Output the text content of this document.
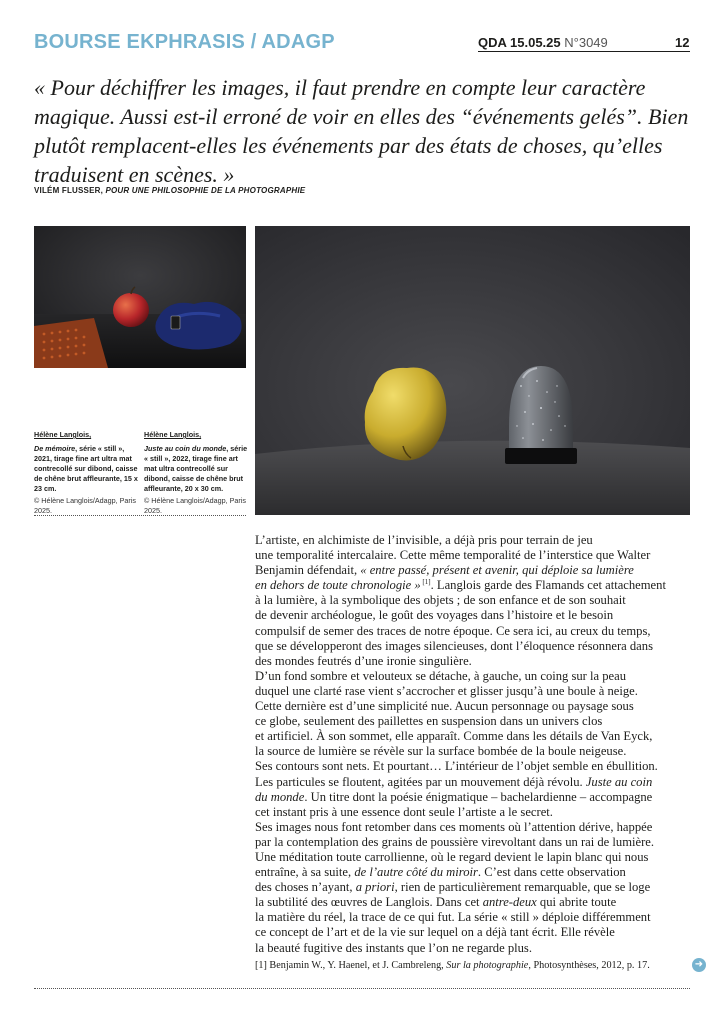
BOURSE EKPHRASIS / ADAGP	QDA 15.05.25 N°3049	12
« Pour déchiffrer les images, il faut prendre en compte leur caractère magique. Aussi est-il erroné de voir en elles des “événements gelés”. Bien plutôt remplacent-elles les événements par des états de choses, qu’elles traduisent en scènes. »
VILÉM FLUSSER, POUR UNE PHILOSOPHIE DE LA PHOTOGRAPHIE
Hélène Langlois,
De mémoire, série « still », 2021, tirage fine art ultra mat contrecollé sur dibond, caisse de chêne brut affleurante, 15 x 23 cm.
© Hélène Langlois/Adagp, Paris 2025.
Hélène Langlois,
Juste au coin du monde, série « still », 2022, tirage fine art mat ultra contrecollé sur dibond, caisse de chêne brut affleurante, 20 x 30 cm.
© Hélène Langlois/Adagp, Paris 2025.
L’artiste, en alchimiste de l’invisible, a déjà pris pour terrain de jeu
une temporalité intercalaire. Cette même temporalité de l’interstice que Walter
Benjamin défendait, « entre passé, présent et avenir, qui déploie sa lumière
en dehors de toute chronologie » [1]. Langlois garde des Flamands cet attachement
à la lumière, à la symbolique des objets ; de son enfance et de son souhait
de devenir archéologue, le goût des voyages dans l’histoire et le besoin
compulsif de semer des traces de notre époque. Ce sera ici, au creux du temps,
que se développeront des images silencieuses, dont l’éloquence résonnera dans
des mondes feutrés d’une ironie singulière.
D’un fond sombre et velouteux se détache, à gauche, un coing sur la peau
duquel une clarté rase vient s’accrocher et glisser jusqu’à une boule à neige.
Cette dernière est d’une simplicité nue. Aucun personnage ou paysage sous
ce globe, seulement des paillettes en suspension dans un univers clos
et artificiel. À son sommet, elle apparaît. Comme dans les détails de Van Eyck,
la source de lumière se révèle sur la surface bombée de la boule neigeuse.
Ses contours sont nets. Et pourtant… L’intérieur de l’objet semble en ébullition.
Les particules se floutent, agitées par un mouvement déjà révolu. Juste au coin
du monde. Un titre dont la poésie énigmatique – bachelardienne – accompagne
cet instant pris à une essence dont seule l’artiste a le secret.
Ses images nous font retomber dans ces moments où l’attention dérive, happée
par la contemplation des grains de poussière virevoltant dans un rai de lumière.
Une méditation toute carrollienne, où le regard devient le lapin blanc qui nous
entraîne, à sa suite, de l’autre côté du miroir. C’est dans cette observation
des choses n’ayant, a priori, rien de particulièrement remarquable, que se loge
la subtilité des œuvres de Langlois. Dans cet antre-deux qui abrite toute
la matière du réel, la trace de ce qui fut. La série « still » déploie différemment
ce concept de l’art et de la vie sur lequel on a déjà tant écrit. Elle révèle
la beauté fugitive des instants que l’on ne regarde plus.
[1] Benjamin W., Y. Haenel, et J. Cambreleng, Sur la photographie, Photosynthèses, 2012, p. 17.	➜
